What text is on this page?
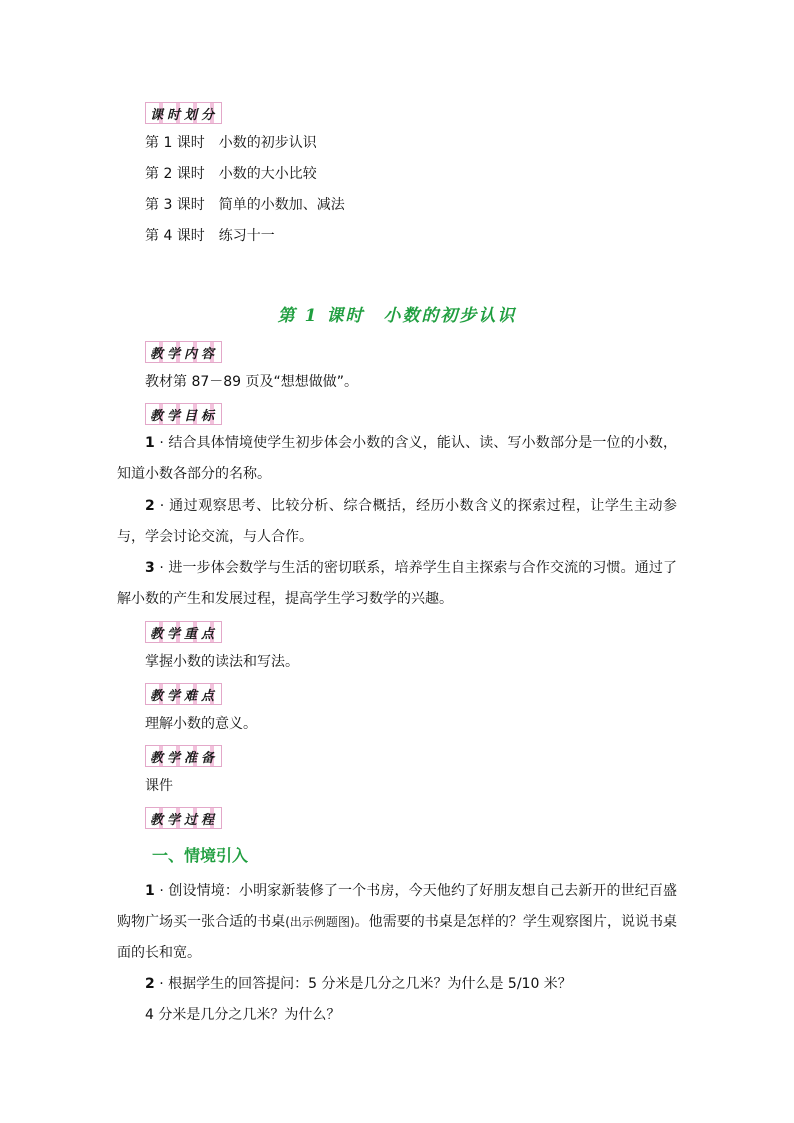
课时划分
第 1 课时　小数的初步认识
第 2 课时　小数的大小比较
第 3 课时　简单的小数加、减法
第 4 课时　练习十一
第 1 课时　小数的初步认识
教学内容
教材第 87－89 页及“想想做做”。
教学目标
1 · 结合具体情境使学生初步体会小数的含义，能认、读、写小数部分是一位的小数，知道小数各部分的名称。
2 · 通过观察思考、比较分析、综合概括，经历小数含义的探索过程，让学生主动参与，学会讨论交流，与人合作。
3 · 进一步体会数学与生活的密切联系，培养学生自主探索与合作交流的习惯。通过了解小数的产生和发展过程，提高学生学习数学的兴趣。
教学重点
掌握小数的读法和写法。
教学难点
理解小数的意义。
教学准备
课件
教学过程
一、情境引入
1 · 创设情境：小明家新装修了一个书房，今天他约了好朋友想自己去新开的世纪百盛购物广场买一张合适的书桌(出示例题图)。他需要的书桌是怎样的？学生观察图片，说说书桌面的长和宽。
2 · 根据学生的回答提问：5 分米是几分之几米？为什么是 5/10 米？
4 分米是几分之几米？为什么？
